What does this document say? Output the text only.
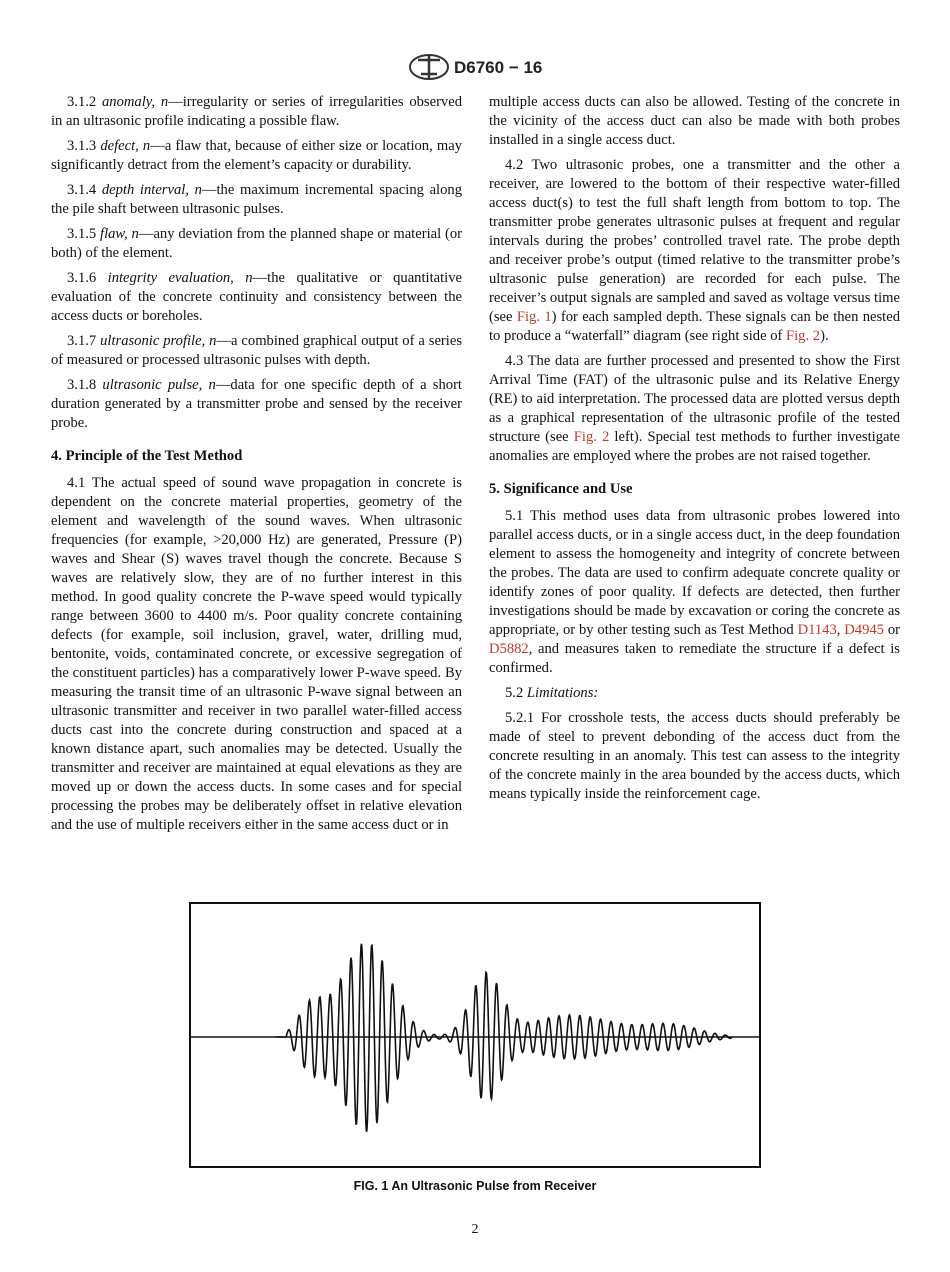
D6760 − 16

3.1.2 anomaly, n—irregularity or series of irregularities observed in an ultrasonic profile indicating a possible flaw.

3.1.3 defect, n—a flaw that, because of either size or location, may significantly detract from the element’s capacity or durability.

3.1.4 depth interval, n—the maximum incremental spacing along the pile shaft between ultrasonic pulses.

3.1.5 flaw, n—any deviation from the planned shape or material (or both) of the element.

3.1.6 integrity evaluation, n—the qualitative or quantitative evaluation of the concrete continuity and consistency between the access ducts or boreholes.

3.1.7 ultrasonic profile, n—a combined graphical output of a series of measured or processed ultrasonic pulses with depth.

3.1.8 ultrasonic pulse, n—data for one specific depth of a short duration generated by a transmitter probe and sensed by the receiver probe.

4. Principle of the Test Method

4.1 The actual speed of sound wave propagation in concrete is dependent on the concrete material properties, geometry of the element and wavelength of the sound waves. When ultrasonic frequencies (for example, >20,000 Hz) are generated, Pressure (P) waves and Shear (S) waves travel though the concrete. Because S waves are relatively slow, they are of no further interest in this method. In good quality concrete the P-wave speed would typically range between 3600 to 4400 m/s. Poor quality concrete containing defects (for example, soil inclusion, gravel, water, drilling mud, bentonite, voids, contaminated concrete, or excessive segregation of the constituent particles) has a comparatively lower P-wave speed. By measuring the transit time of an ultrasonic P-wave signal between an ultrasonic transmitter and receiver in two parallel water-filled access ducts cast into the concrete during construction and spaced at a known distance apart, such anomalies may be detected. Usually the transmitter and receiver are maintained at equal elevations as they are moved up or down the access ducts. In some cases and for special processing the probes may be deliberately offset in relative elevation and the use of multiple receivers either in the same access duct or in

multiple access ducts can also be allowed. Testing of the concrete in the vicinity of the access duct can also be made with both probes installed in a single access duct.

4.2 Two ultrasonic probes, one a transmitter and the other a receiver, are lowered to the bottom of their respective water-filled access duct(s) to test the full shaft length from bottom to top. The transmitter probe generates ultrasonic pulses at frequent and regular intervals during the probes’ controlled travel rate. The probe depth and receiver probe’s output (timed relative to the transmitter probe’s ultrasonic pulse generation) are recorded for each pulse. The receiver’s output signals are sampled and saved as voltage versus time (see Fig. 1) for each sampled depth. These signals can be then nested to produce a “waterfall” diagram (see right side of Fig. 2).

4.3 The data are further processed and presented to show the First Arrival Time (FAT) of the ultrasonic pulse and its Relative Energy (RE) to aid interpretation. The processed data are plotted versus depth as a graphical representation of the ultrasonic profile of the tested structure (see Fig. 2 left). Special test methods to further investigate anomalies are employed where the probes are not raised together.

5. Significance and Use

5.1 This method uses data from ultrasonic probes lowered into parallel access ducts, or in a single access duct, in the deep foundation element to assess the homogeneity and integrity of concrete between the probes. The data are used to confirm adequate concrete quality or identify zones of poor quality. If defects are detected, then further investigations should be made by excavation or coring the concrete as appropriate, or by other testing such as Test Method D1143, D4945 or D5882, and measures taken to remediate the structure if a defect is confirmed.

5.2 Limitations:

5.2.1 For crosshole tests, the access ducts should preferably be made of steel to prevent debonding of the access duct from the concrete resulting in an anomaly. This test can assess to the integrity of the concrete mainly in the area bounded by the access ducts, which means typically inside the reinforcement cage.

FIG. 1 An Ultrasonic Pulse from Receiver
2
